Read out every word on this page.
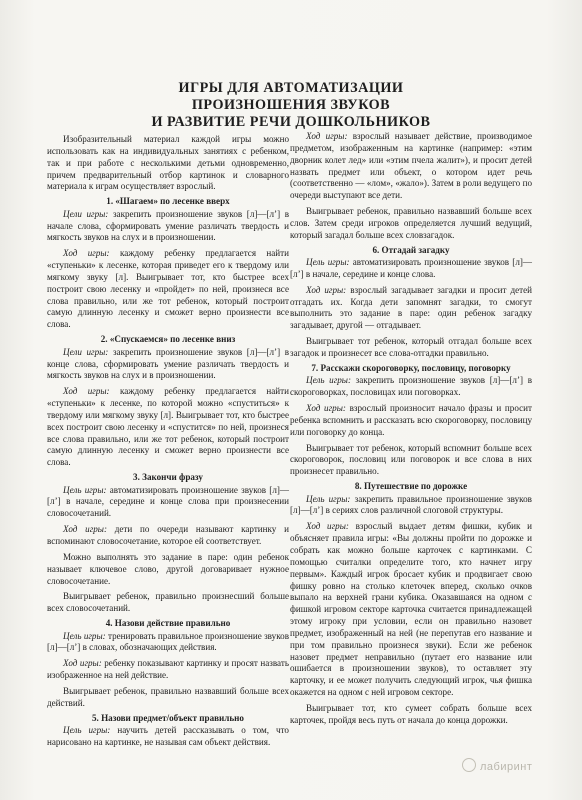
ИГРЫ ДЛЯ АВТОМАТИЗАЦИИ
ПРОИЗНОШЕНИЯ ЗВУКОВ
И РАЗВИТИЕ РЕЧИ ДОШКОЛЬНИКОВ

Изобразительный материал каждой игры можно использовать как на индивидуальных занятиях с ребенком, так и при работе с несколькими детьми одновременно, причем предварительный отбор картинок и словарного материала к играм осуществляет взрослый.

1. «Шагаем» по лесенке вверх

Цели игры: закрепить произношение звуков [л]—[л’] в начале слова, сформировать умение различать твердость и мягкость звуков на слух и в произношении.

Ход игры: каждому ребенку предлагается найти «ступеньки» к лесенке, которая приведет его к твердому или мягкому звуку [л]. Выигрывает тот, кто быстрее всех построит свою лесенку и «пройдет» по ней, произнеся все слова правильно, или же тот ребенок, который построит самую длинную лесенку и сможет верно произнести все слова.

2. «Спускаемся» по лесенке вниз

Цели игры: закрепить произношение звуков [л]—[л’] в конце слова, сформировать умение различать твердость и мягкость звуков на слух и в произношении.

Ход игры: каждому ребенку предлагается найти «ступеньки» к лесенке, по которой можно «спуститься» к твердому или мягкому звуку [л]. Выигрывает тот, кто быстрее всех построит свою лесенку и «спустится» по ней, произнеся все слова правильно, или же тот ребенок, который построит самую длинную лесенку и сможет верно произнести все слова.

3. Закончи фразу

Цель игры: автоматизировать произношение звуков [л]—[л’] в начале, середине и конце слова при произнесении словосочетаний.

Ход игры: дети по очереди называют картинку и вспоминают словосочетание, которое ей соответствует.

Можно выполнять это задание в паре: один ребенок называет ключевое слово, другой договаривает нужное словосочетание.

Выигрывает ребенок, правильно произнесший больше всех словосочетаний.

4. Назови действие правильно

Цель игры: тренировать правильное произношение звуков [л]—[л’] в словах, обозначающих действия.

Ход игры: ребенку показывают картинку и просят назвать изображенное на ней действие.

Выигрывает ребенок, правильно назвавший больше всех действий.

5. Назови предмет/объект правильно

Цель игры: научить детей рассказывать о том, что нарисовано на картинке, не называя сам объект действия.

Ход игры: взрослый называет действие, производимое предметом, изображенным на картинке (например: «этим дворник колет лед» или «этим пчела жалит»), и просит детей назвать предмет или объект, о котором идет речь (соответственно — «лом», «жало»). Затем в роли ведущего по очереди выступают все дети.

Выигрывает ребенок, правильно назвавший больше всех слов. Затем среди игроков определяется лучший ведущий, который загадал больше всех словзагадок.

6. Отгадай загадку

Цель игры: автоматизировать произношение звуков [л]—[л’] в начале, середине и конце слова.

Ход игры: взрослый загадывает загадки и просит детей отгадать их. Когда дети запомнят загадки, то смогут выполнить это задание в паре: один ребенок загадку загадывает, другой — отгадывает.

Выигрывает тот ребенок, который отгадал больше всех загадок и произнесет все слова-отгадки правильно.

7. Расскажи скороговорку, пословицу, поговорку

Цель игры: закрепить произношение звуков [л]—[л’] в скороговорках, пословицах или поговорках.

Ход игры: взрослый произносит начало фразы и просит ребенка вспомнить и рассказать всю скороговорку, пословицу или поговорку до конца.

Выигрывает тот ребенок, который вспомнит больше всех скороговорок, пословиц или поговорок и все слова в них произнесет правильно.

8. Путешествие по дорожке

Цель игры: закрепить правильное произношение звуков [л]—[л’] в сериях слов различной слоговой структуры.

Ход игры: взрослый выдает детям фишки, кубик и объясняет правила игры: «Вы должны пройти по дорожке и собрать как можно больше карточек с картинками. С помощью считалки определите того, кто начнет игру первым». Каждый игрок бросает кубик и продвигает свою фишку ровно на столько клеточек вперед, сколько очков выпало на верхней грани кубика. Оказавшаяся на одном с фишкой игровом секторе карточка считается принадлежащей этому игроку при условии, если он правильно назовет предмет, изображенный на ней (не перепутав его название и при том правильно произнеся звуки). Если же ребенок назовет предмет неправильно (путает его название или ошибается в произношении звуков), то оставляет эту карточку, и ее может получить следующий игрок, чья фишка окажется на одном с ней игровом секторе.

Выигрывает тот, кто сумеет собрать больше всех карточек, пройдя весь путь от начала до конца дорожки.

лабиринт
